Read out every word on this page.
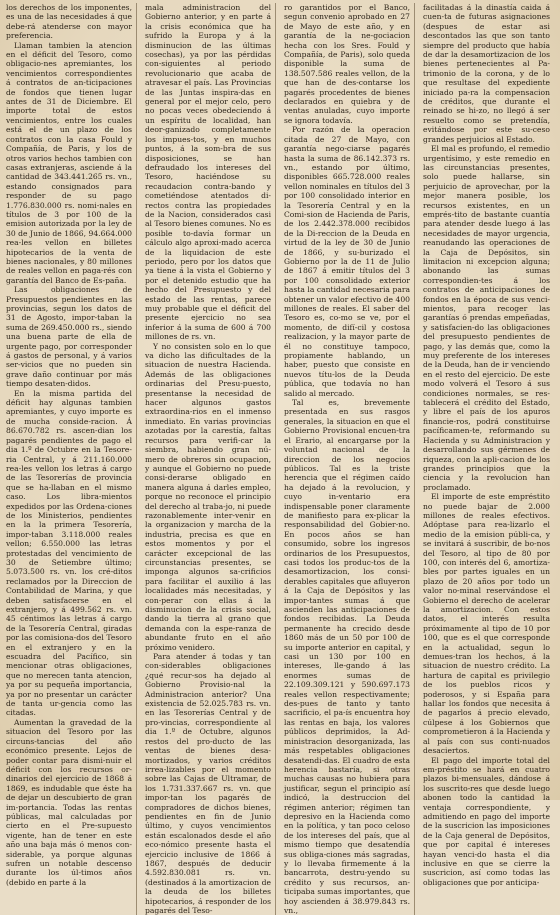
los derechos de los imponentes, es una de las necesidades á que debe-rá atenderse con mayor preferencia.

Llaman tambien la atencion en el déficit del Tesoro, como obligacio-nes apremiantes, los vencimientos correspondientes á contratos de an-ticipaciones de fondos que tienen lugar antes de 31 de Diciembre. El importe total de estos vencimientos, entre los cuales está el de un plazo de los contratos con la casa Fould y Compañía, de Paris, y los de otros varios hechos tambien con casas extranjeras, asciende á la cantidad de 343.441.265 rs. vn., estando consignados para responder de su pago 1.776.830.000 rs. nomi-nales en títulos de 3 por 100 de la emision autorizada por la ley de 30 de Junio de 1866, 94.664.000 rea-les vellon en billetes hipotecarios de la venta de bienes nacionales, y 80 millones de reales vellon en paga-rés con garantía del Banco de Es-paña.

Las obligaciones de Presupuestos pendientes en las provincias, segun los datos de 31 de Agosto, impor-taban la suma de 269.450.000 rs., siendo una buena parte de ella de urgente pago, por corresponder á gastos de personal, y á varios ser-vicios que no pueden sin grave daño continuar por más tiempo desaten-didos.

En la misma partida del déficit hay algunas tambien apremiantes, y cuyo importe es de mucha conside-racion. Á 86.670.782 rs. ascen-dian los pagarés pendientes de pago el dia 1.º de Octubre en la Tesore-ria Central, y á 211.160.000 rea-les vellon los letras á cargo de las Tesorerías de provincia que se ha-llaban en el mismo caso. Los libra-mientos expedidos por las Ordena-ciones de los Ministerios, pendientes en la la primera Tesorería, impor-taban 3.118.000 reales vellon; 6.550.000 las letras protestadas del vencimiento de 30 de Setiembre último; 5.073.500 rs. vn. los cré-ditos reclamados por la Direccion de Contabilidad de Marina, y que deben satisfacerse en el extranjero, y á 499.562 rs. vn. 45 céntimos las letras á cargo de la Tesorería Central, giradas por las comisiona-dos del Tesoro en el extranjero y en la escuadra del Pacífico, sin mencionar otras obligaciones, que no merecen tanta atencion, ya por su pequeña importancia, ya por no presentar un carácter de tanta ur-gencia como las citadas.

Aumentan la gravedad de la situacion del Tesoro por las circuns-tancias del año económico presente. Lejos de poder contar para dismi-nuir el déficit con los recursos or-dinarios del ejercicio de 1868 á 1869, es indudable que éste ha de dejar un descubierto de gran im-portancia. Todas las rentas públicas, mal calculadas por cierto en el Pre-supuesto vigente, han de tener en este año una baja más ó menos con-siderable, ya porque algunas sufren un notable descenso durante los úl-timos años (debido en parte á la

mala administracion del Gobierno anterior, y en parte á la crisis económica que ha sufrido la Europa y á la disminucion de las últimas cosechas), ya por las pérdidas con-siguientes al periodo revolucionario que acaba de atravesar el país. Las Provincias de las Juntas inspira-das en general por el mejor celo, pero no pocas veces obedeciendo á un espíritu de localidad, han deor-ganizado completamente los impues-tos, y en muchos puntos, á la som-bra de sus disposiciones, se han defraudado los intereses del Tesoro, haciéndose su recaudacion contra-bando y cometiéndose atentados di-rectos contra las propiedades de la Nacion, considerados casi al Tesoro bienes comunes. No es posible to-davía formar un cálculo algo aproxi-mado acerca de la liquidacion de este periodo, pero por los datos que ya tiene á la vista el Gobierno y por el detenido estudio que ha hecho del Presupuesto y del estado de las rentas, parece muy probable que el déficit del presente ejercicio no sea inferior á la suma de 600 á 700 millones de rs. vn.

Y no consisten solo en lo que va dicho las dificultades de la situacion de nuestra Hacienda. Además de las obligaciones ordinarias del Presu-puesto, presentanse la necesidad de hacer algunos gastos extraordina-rios en el inmenso inmediato. En varias provincias azotadas por la carestía, faltas recursos para verifi-car la siembra, habiendo gran nú-mero de obreros sin ocupacion, y aunque el Gobierno no puede consi-derarse obligado en manera alguna á darles empleo, porque no reconoce el principio del derecho al traba-jo, ni puede razonablemente inter-venir en la organizacion y marcha de la industria, precisa es que en estos momentos y por el carácter excepcional de las circunstancias presentes, se imponga algunos sa-crificios para facilitar el auxilio á las localidades más necesitadas, y con-perar con ellas á la disminucion de la crisis social, dando la tierra al grano que demanda con la espe-ranza de abundante fruto en el año próximo venidero.

Para atender á todas y tan con-siderables obligaciones ¿qué recur-sos ha dejado al Gobierno Provisio-nal la Administracion anterior? Una existencia de 52.025.783 rs. vn. en las Tesorerías Central y de pro-vincias, correspondiente al dia 1.º de Octubre, algunos restos del pro-ducto de las ventas de bienes desa-mortizados, y varios créditos irrea-lizables por el momento sobre las Cajas de Ultramar, de los 1.731.337.667 rs. vn. que impor-tan los pagarés de compradores de dichos bienes, pendientes en fin de Junio último, y cuyos vencimientos están escalonados desde el año eco-nómico presente hasta el ejercicio inclusive de 1866 á 1867, después de deducir 4.592.830.081 rs. vn. (destinados á la amortizacion de la deuda de los billetes hipotecarios, á responder de los pagarés del Teso-

ro garantidos por el Banco, segun convenio aprobado en 27 de Mayo de este año, y en garantía de la ne-gociacion hecha con los Sres. Fould y Compañía, de Paris), solo queda disponible la suma de 138.507.586 reales vellon, de la que han de des-contarse los pagarés procedentes de bienes declarados en quiebra y de ventas anuladas, cuyo importe se ignora todavía.

Por razón de la operacion citada de 27 de Mayo, con garantía nego-ciarse pagarés hasta la suma de 86.142.373 rs. vn., estando por último, disponibles 665.728.000 reales vellon nominales en títulos del 3 por 100 consolidado interior en la Tesorería Central y en la Comi-sion de Hacienda de Paris, de los 2.442.378.000 recibidos de la Di-reccion de la Deuda en virtud de la ley de 30 de Junio de 1866, y su-burizado el Gobierno por la de 11 de Julio de 1867 á emitir títulos del 3 por 100 consolidado exterior hasta la cantidad necesaria para obtener un valor efectivo de 400 millones de reales. El saber del Tesoro es, co-mo se ve, por el momento, de difí-cil y costosa realizacion, y la mayor parte de él no constituye tampoco, propiamente hablando, un haber, puesto que consiste en nuevos títu-los de la Deuda pública, que todavía no han salido al mercado.

Tal es, brevemente presentada en sus rasgos generales, la situacion en que el Gobierno Provisional encuen-tra el Erario, al encargarse por la voluntad nacional de la direccion de los negocios públicos. Tal es la triste herencia que el régimen caído ha dejado á la revolucion, y cuyo in-ventario era indispensable poner claramente de manifiesto para ex-plicar la responsabilidad del Gobier-no. En pocos años se han consumido, sobre los ingresos ordinarios de los Presupuestos, casi todos los produc-tos de la desamortizacion, los consi-derables capitales que afluyeron á la Caja de Depósitos y las impor-tantes sumas á que ascienden las anticipaciones de fondos recibidas. La Deuda permanente ha crecido desde 1860 más de un 50 por 100 de su importe anterior en capital, y casi un 130 por 100 en intereses, lle-gando á las enormes sumas de 22.109.309.121 y 590.697.173 reales vellon respectivamente; des-pues de tanto y tanto sacrificio, el pa-ís encuentra hoy las rentas en baja, los valores públicos deprimidos, la Ad-ministracion desorganizada, las más respetables obligaciones desatendi-das. El cuadro de esta herencia bastaría, si otras muchas causas no hubiera para justificar, segun el principio así indicó, la destruccion del régimen anterior; régimen tan depresivo en la Hacienda como en la política, y tan poco celoso de los intereses del país, que al mismo tiempo que desatendía sus obliga-ciones más sagradas, y lo llevaba firmemente á la bancarrota, destru-yendo su crédito y sus recursos, an-ticipaba sumas importantes, que hoy ascienden á 38.979.843 rs. vn.,

facilitadas á la dinastía caida á cuen-ta de futuras asignaciones (despues de estar asi descontados las que son tanto siempre del producto que había de dar la desamortizacion de los bienes pertenecientes al Pa-trimonio de la corona, y de lo que resultase del expediente iniciado pa-ra la compensacion de créditos, que durante el reinado se hi-zo, no llegó á ser resuelto como se pretendía, evitándose por este su-ceso grandes perjuicios al Estado.

El mal es profundo, el remedio urgentísimo, y este remedio en las circunstancias presentes, solo puede hallarse, sin perjuicio de aprovechar, por la mejor manera posible, los recursos existentes, en un emprés-tito de bastante cuantía para atender desde luego á las necesidades de mayor urgencia, reanudando las operaciones de la Caja de Depósitos, sin limitacion ni excepcion alguna; abonando las sumas correspondien-tes á los contratos de anticipaciones de fondos en la época de sus venci-mientos, para recoger las garantías ó prendas empeñadas, y satisfacien-do las obligaciones del presupuesto pendientes de pago, y las demás que, como la muy preferente de los intereses de la Deuda, han de ir venciendo en el resto del ejercicio. De este modo volverá el Tesoro á sus condiciones normales, se res-tablecerá el crédito del Estado, y libre el país de los apuros financie-ros, podrá constituirse pacíficamen-te, reformando su Hacienda y su Administracion y desarrollando sus gérmenes de riqueza, con la apli-cacion de los grandes principios que la ciencia y la revolucion han proclamado.

El importe de este empréstito no puede bajar de 2.000 millones de reales efectivos. Adóptase para rea-lizarlo el medio de la emision públi-ca, y se invitará á suscribir, de bo-nos del Tesoro, al tipo de 80 por 100, con interés del 6, amortiza-bles por partes iguales en un plazo de 20 años por todo un valor no-minal reservándose el Gobierno el derecho de acelerar la amortizacion. Con estos datos, el interés resulta próximamente al tipo de 10 por 100, que es el que corresponde en la actualidad, segun lo demues-tran los hechos, á la situacion de nuestro crédito. La hartura de capital es privilegio de los pueblos ricos y poderosos, y si España para hallar los fondos que necesita á de pagarlos á precio elevado, cúlpese á los Gobiernos que comprometieron á la Hacienda y al país con sus conti-nuados desaciertos.

El pago del importe total del em-préstito se hará en cuatro plazos bi-mensuales, dándose á los suscrito-res que desde luego abonen todo la cantidad la ventaja correspondiente, y admitiendo en pago del importe de la suscricion las imposiciones de la Caja general de Depósitos, que por capital é intereses hayan venci-do hasta el dia inclusive en que se cierre la suscricion, así como todas las obligaciones que por anticipa-
